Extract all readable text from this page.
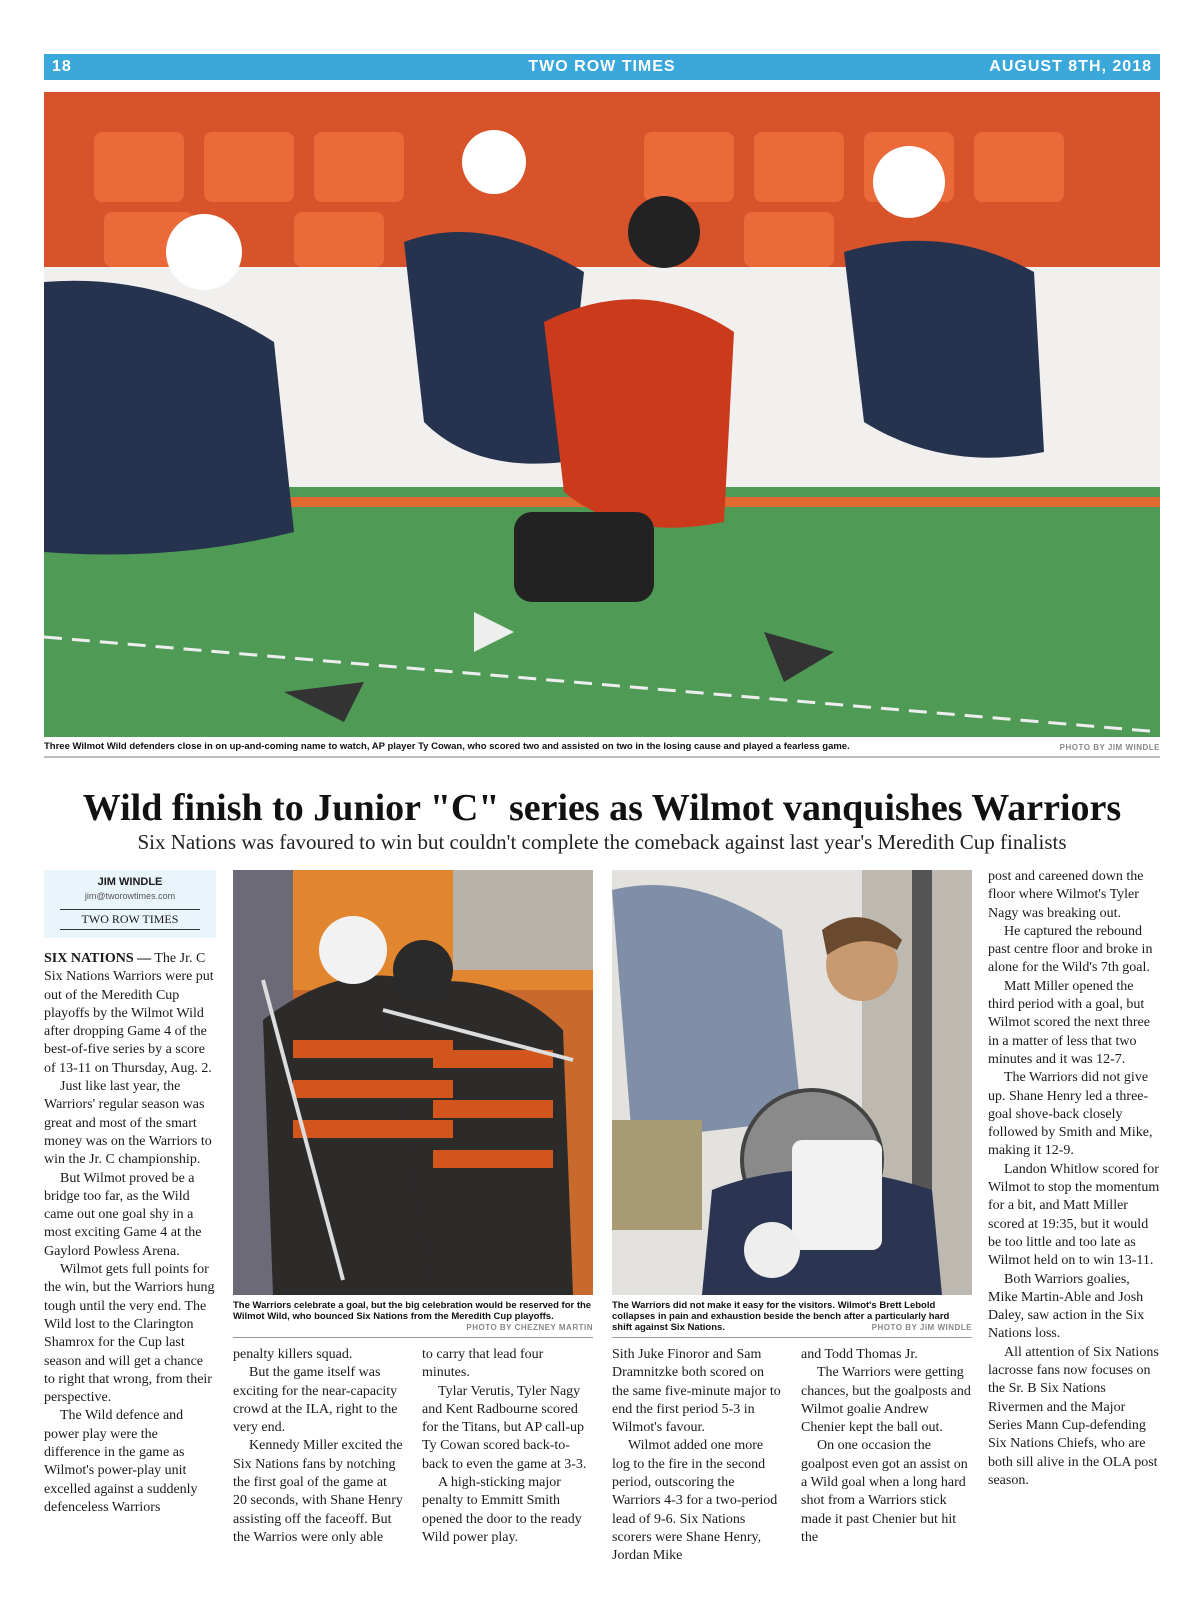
TWO ROW TIMES
18	AUGUST 8TH, 2018
Three Wilmot Wild defenders close in on up-and-coming name to watch, AP player Ty Cowan, who scored two and assisted on two in the losing cause and played a fearless game.	PHOTO BY JIM WINDLE
Wild finish to Junior "C" series as Wilmot vanquishes Warriors
Six Nations was favoured to win but couldn't complete the comeback against last year's Meredith Cup finalists
JIM WINDLE
jim@tworowtimes.com
TWO ROW TIMES
The Warriors celebrate a goal, but the big celebration would be reserved for the Wilmot Wild, who bounced Six Nations from the Meredith Cup playoffs.
PHOTO BY CHEZNEY MARTIN
The Warriors did not make it easy for the visitors. Wilmot's Brett Lebold collapses in pain and exhaustion beside the bench after a particularly hard shift against Six Nations.	PHOTO BY JIM WINDLE

SIX NATIONS — The Jr. C Six Nations Warriors were put out of the Meredith Cup playoffs by the Wilmot Wild after dropping Game 4 of the best-of-five series by a score of 13-11 on Thursday, Aug. 2.

Just like last year, the Warriors' regular season was great and most of the smart money was on the Warriors to win the Jr. C championship.

But Wilmot proved be a bridge too far, as the Wild came out one goal shy in a most exciting Game 4 at the Gaylord Powless Arena.

Wilmot gets full points for the win, but the Warriors hung tough until the very end. The Wild lost to the Clarington Shamrox for the Cup last season and will get a chance to right that wrong, from their perspective.

The Wild defence and power play were the difference in the game as Wilmot's power-play unit excelled against a suddenly defenceless Warriors

penalty killers squad.

But the game itself was exciting for the near-capacity crowd at the ILA, right to the very end.

Kennedy Miller excited the Six Nations fans by notching the first goal of the game at 20 seconds, with Shane Henry assisting off the faceoff. But the Warrios were only able

to carry that lead four minutes.

Tylar Verutis, Tyler Nagy and Kent Radbourne scored for the Titans, but AP call-up Ty Cowan scored back-to-back to even the game at 3-3.

A high-sticking major penalty to Emmitt Smith opened the door to the ready Wild power play.

Sith Juke Finoror and Sam Dramnitzke both scored on the same five-minute major to end the first period 5-3 in Wilmot's favour.

Wilmot added one more log to the fire in the second period, outscoring the Warriors 4-3 for a two-period lead of 9-6. Six Nations scorers were Shane Henry, Jordan Mike

and Todd Thomas Jr.

The Warriors were getting chances, but the goalposts and Wilmot goalie Andrew Chenier kept the ball out.

On one occasion the goalpost even got an assist on a Wild goal when a long hard shot from a Warriors stick made it past Chenier but hit the

post and careened down the floor where Wilmot's Tyler Nagy was breaking out.

He captured the rebound past centre floor and broke in alone for the Wild's 7th goal.

Matt Miller opened the third period with a goal, but Wilmot scored the next three in a matter of less that two minutes and it was 12-7.

The Warriors did not give up. Shane Henry led a three-goal shove-back closely followed by Smith and Mike, making it 12-9.

Landon Whitlow scored for Wilmot to stop the momentum for a bit, and Matt Miller scored at 19:35, but it would be too little and too late as Wilmot held on to win 13-11.

Both Warriors goalies, Mike Martin-Able and Josh Daley, saw action in the Six Nations loss.

All attention of Six Nations lacrosse fans now focuses on the Sr. B Six Nations Rivermen and the Major Series Mann Cup-defending Six Nations Chiefs, who are both sill alive in the OLA post season.
